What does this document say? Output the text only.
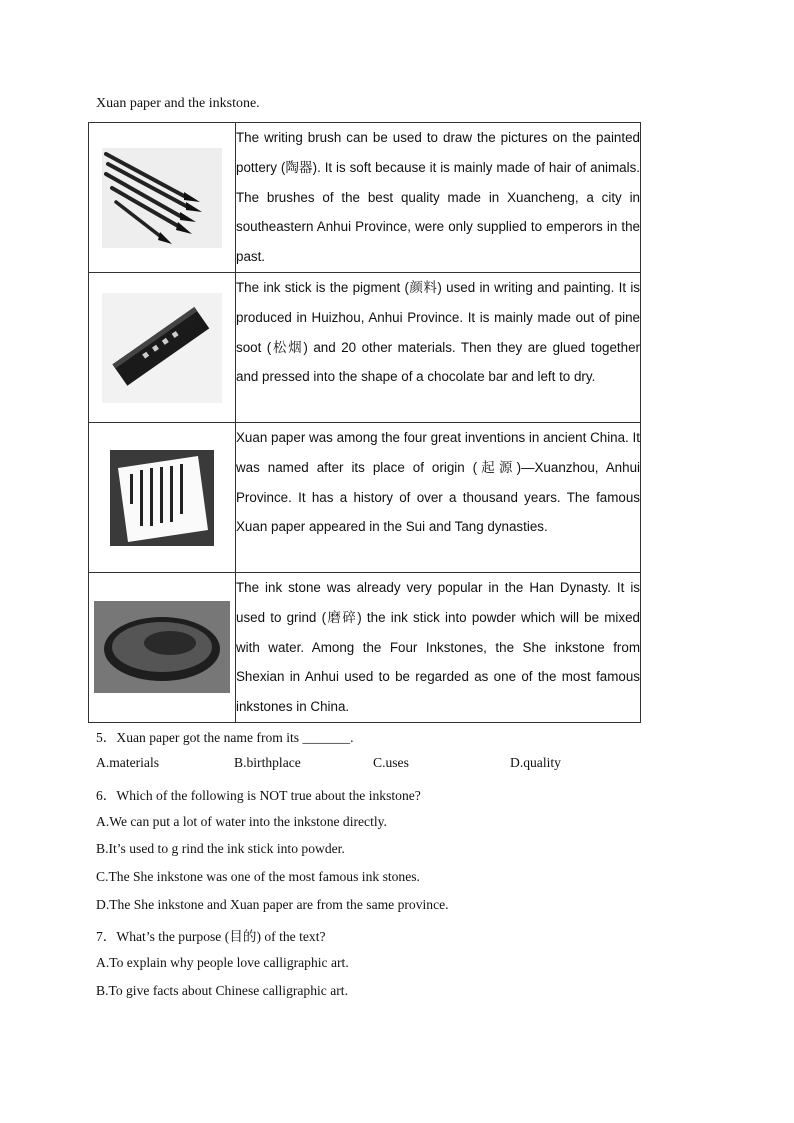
Xuan paper and the inkstone.
	The writing brush can be used to draw the pictures on the painted pottery (陶器). It is soft because it is mainly made of hair of animals. The brushes of the best quality made in Xuancheng, a city in southeastern Anhui Province, were only supplied to emperors in the past.

	The ink stick is the pigment (颜料) used in writing and painting. It is produced in Huizhou, Anhui Province. It is mainly made out of pine soot (松烟) and 20 other materials. Then they are glued together and pressed into the shape of a chocolate bar and left to dry.

	Xuan paper was among the four great inventions in ancient China. It was named after its place of origin (起源)—Xuanzhou, Anhui Province. It has a history of over a thousand years. The famous Xuan paper appeared in the Sui and Tang dynasties.

	The ink stone was already very popular in the Han Dynasty. It is used to grind (磨碎) the ink stick into powder which will be mixed with water. Among the Four Inkstones, the She inkstone from Shexian in Anhui used to be regarded as one of the most famous inkstones in China.
5．Xuan paper got the name from its _______.
A.materials	B.birthplace	C.uses	D.quality
6．Which of the following is NOT true about the inkstone?
A.We can put a lot of water into the inkstone directly.
B.It’s used to g rind the ink stick into powder.
C.The She inkstone was one of the most famous ink stones.
D.The She inkstone and Xuan paper are from the same province.
7．What’s the purpose (目的) of the text?
A.To explain why people love calligraphic art.
B.To give facts about Chinese calligraphic art.
